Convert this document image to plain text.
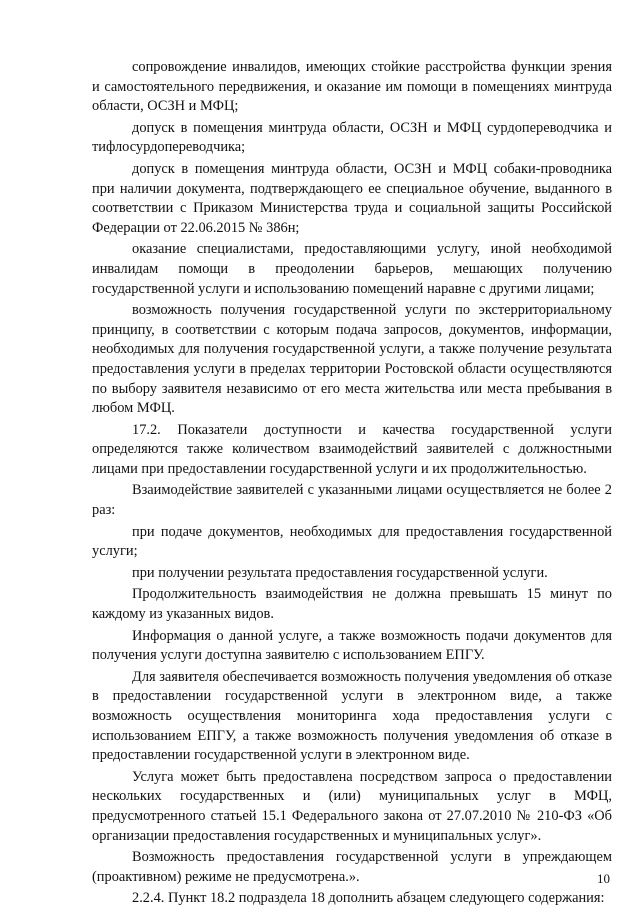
сопровождение инвалидов, имеющих стойкие расстройства функции зрения и самостоятельного передвижения, и оказание им помощи в помещениях минтруда области, ОСЗН и МФЦ;

допуск в помещения минтруда области, ОСЗН и МФЦ сурдопереводчика и тифлосурдопереводчика;

допуск в помещения минтруда области, ОСЗН и МФЦ собаки-проводника при наличии документа, подтверждающего ее специальное обучение, выданного в соответствии с Приказом Министерства труда и социальной защиты Российской Федерации от 22.06.2015 № 386н;

оказание специалистами, предоставляющими услугу, иной необходимой инвалидам помощи в преодолении барьеров, мешающих получению государственной услуги и использованию помещений наравне с другими лицами;

возможность получения государственной услуги по экстерриториальному принципу, в соответствии с которым подача запросов, документов, информации, необходимых для получения государственной услуги, а также получение результата предоставления услуги в пределах территории Ростовской области осуществляются по выбору заявителя независимо от его места жительства или места пребывания в любом МФЦ.

17.2. Показатели доступности и качества государственной услуги определяются также количеством взаимодействий заявителей с должностными лицами при предоставлении государственной услуги и их продолжительностью.

Взаимодействие заявителей с указанными лицами осуществляется не более 2 раз:

при подаче документов, необходимых для предоставления государственной услуги;

при получении результата предоставления государственной услуги.

Продолжительность взаимодействия не должна превышать 15 минут по каждому из указанных видов.

Информация о данной услуге, а также возможность подачи документов для получения услуги доступна заявителю с использованием ЕПГУ.

Для заявителя обеспечивается возможность получения уведомления об отказе в предоставлении государственной услуги в электронном виде, а также возможность осуществления мониторинга хода предоставления услуги с использованием ЕПГУ, а также возможность получения уведомления об отказе в предоставлении государственной услуги в электронном виде.

Услуга может быть предоставлена посредством запроса о предоставлении нескольких государственных и (или) муниципальных услуг в МФЦ, предусмотренного статьей 15.1 Федерального закона от 27.07.2010 № 210-ФЗ «Об организации предоставления государственных и муниципальных услуг».

Возможность предоставления государственной услуги в упреждающем (проактивном) режиме не предусмотрена.».

2.2.4. Пункт 18.2 подраздела 18 дополнить абзацем следующего содержания:

10
